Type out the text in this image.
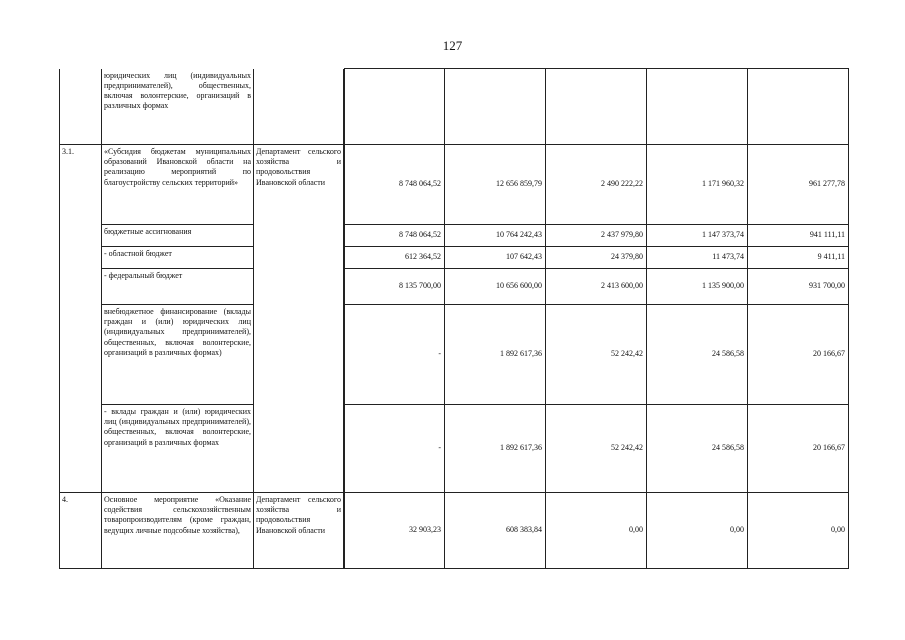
127
	юридических лиц (индивидуальных предпринимателей), общественных, включая волонтерские, организаций в различных формах							
3.1.	«Субсидия бюджетам муниципальных образований Ивановской области на реализацию мероприятий по благоустройству сельских территорий»	Департамент сельского хозяйства и продовольствия Ивановской области		8 748 064,52	12 656 859,79	2 490 222,22	1 171 960,32	961 277,78
	бюджетные ассигнования		8 748 064,52	10 764 242,43	2 437 979,80	1 147 373,74	941 111,11
	- областной бюджет		612 364,52	107 642,43	24 379,80	11 473,74	9 411,11
	- федеральный бюджет		8 135 700,00	10 656 600,00	2 413 600,00	1 135 900,00	931 700,00
	внебюджетное финансирование (вклады граждан и (или) юридических лиц (индивидуальных предпринимателей), общественных, включая волонтерские, организаций в различных формах)		-	1 892 617,36	52 242,42	24 586,58	20 166,67
	- вклады граждан и (или) юридических лиц (индивидуальных предпринимателей), общественных, включая волонтерские, организаций в различных формах		-	1 892 617,36	52 242,42	24 586,58	20 166,67
4.	Основное мероприятие «Оказание содействия сельскохозяйственным товаропроизводителям (кроме граждан, ведущих личные подсобные хозяйства),	Департамент сельского хозяйства и продовольствия Ивановской области		32 903,23	608 383,84	0,00	0,00	0,00
